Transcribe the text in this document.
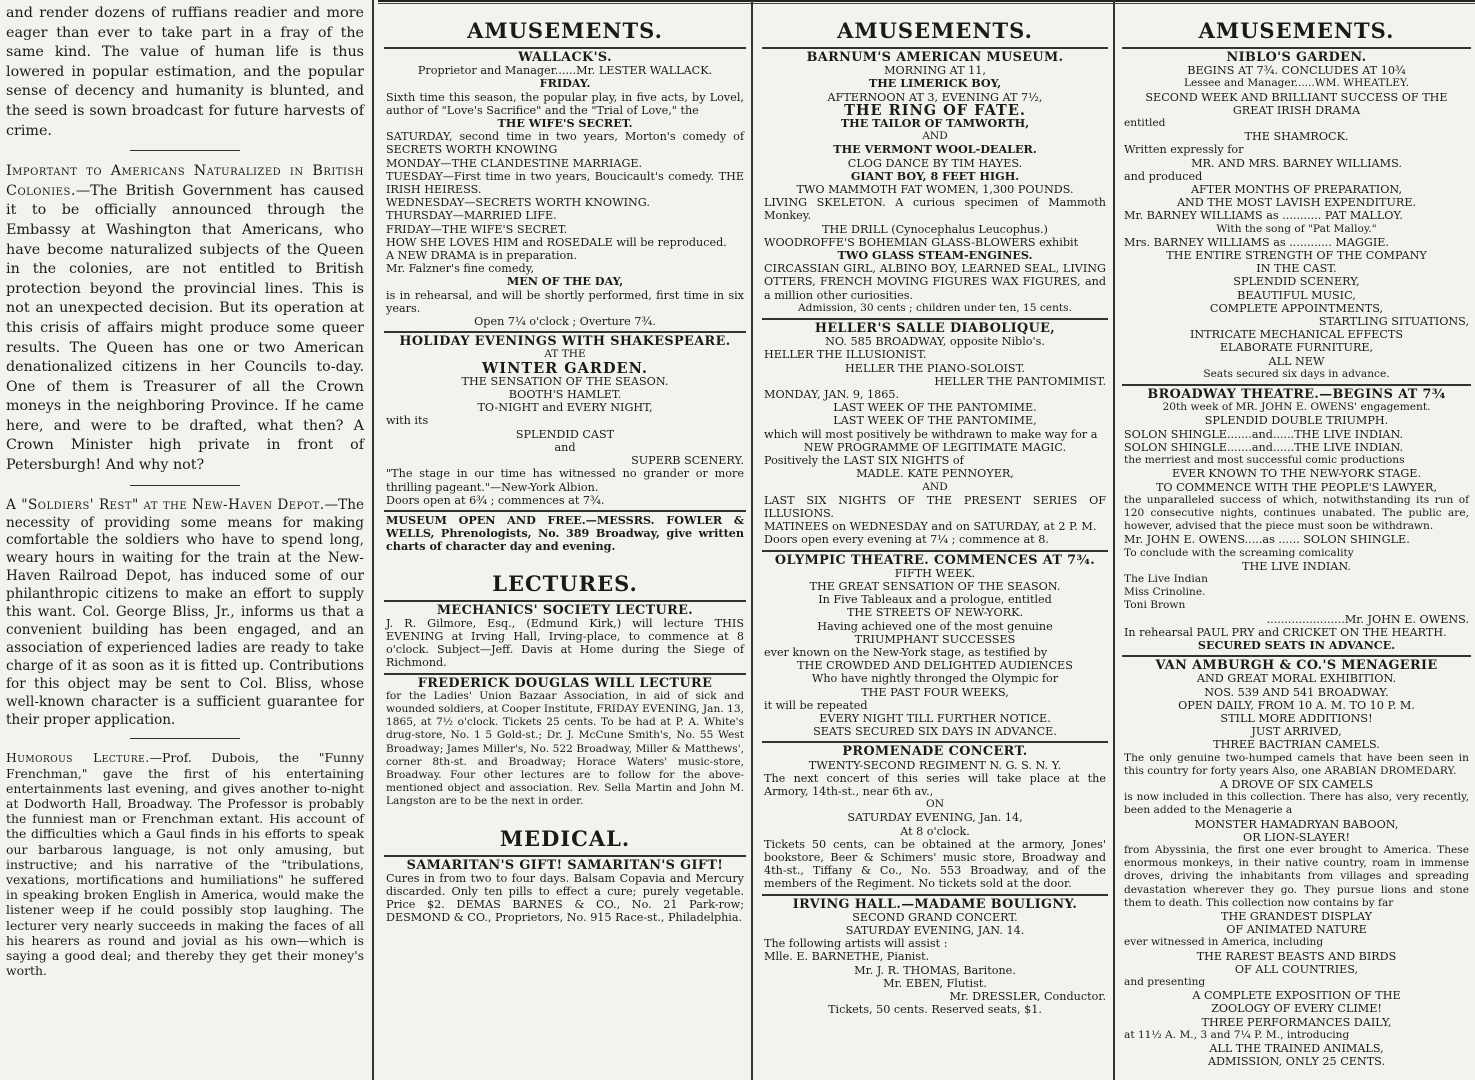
and render dozens of ruffians readier and more eager than ever to take part in a fray of the same kind. The value of human life is thus lowered in popular estimation, and the popular sense of decency and humanity is blunted, and the seed is sown broadcast for future harvests of crime.

Important to Americans Naturalized in British Colonies.—The British Government has caused it to be officially announced through the Embassy at Washington that Americans, who have become naturalized subjects of the Queen in the colonies, are not entitled to British protection beyond the provincial lines. This is not an unexpected decision. But its operation at this crisis of affairs might produce some queer results. The Queen has one or two American denationalized citizens in her Councils to-day. One of them is Treasurer of all the Crown moneys in the neighboring Province. If he came here, and were to be drafted, what then? A Crown Minister high private in front of Petersburgh! And why not?

A "Soldiers' Rest" at the New-Haven Depot.—The necessity of providing some means for making comfortable the soldiers who have to spend long, weary hours in waiting for the train at the New-Haven Railroad Depot, has induced some of our philanthropic citizens to make an effort to supply this want. Col. George Bliss, Jr., informs us that a convenient building has been engaged, and an association of experienced ladies are ready to take charge of it as soon as it is fitted up. Contributions for this object may be sent to Col. Bliss, whose well-known character is a sufficient guarantee for their proper application.

Humorous Lecture.—Prof. Dubois, the "Funny Frenchman," gave the first of his entertaining entertainments last evening, and gives another to-night at Dodworth Hall, Broadway. The Professor is probably the funniest man or Frenchman extant. His account of the difficulties which a Gaul finds in his efforts to speak our barbarous language, is not only amusing, but instructive; and his narrative of the "tribulations, vexations, mortifications and humiliations" he suffered in speaking broken English in America, would make the listener weep if he could possibly stop laughing. The lecturer very nearly succeeds in making the faces of all his hearers as round and jovial as his own—which is saying a good deal; and thereby they get their money's worth.

AMUSEMENTS.
WALLACK'S.
Proprietor and Manager......Mr. LESTER WALLACK.
FRIDAY.
Sixth time this season, the popular play, in five acts, by Lovel, author of "Love's Sacrifice" and the "Trial of Love," the
THE WIFE'S SECRET.
SATURDAY, second time in two years, Morton's comedy of SECRETS WORTH KNOWING
MONDAY—THE CLANDESTINE MARRIAGE.
TUESDAY—First time in two years, Boucicault's comedy. THE IRISH HEIRESS.
WEDNESDAY—SECRETS WORTH KNOWING.
THURSDAY—MARRIED LIFE.
FRIDAY—THE WIFE'S SECRET.
HOW SHE LOVES HIM and ROSEDALE will be reproduced.
A NEW DRAMA is in preparation.
Mr. Falzner's fine comedy,
MEN OF THE DAY,
is in rehearsal, and will be shortly performed, first time in six years.
Open 7¼ o'clock ; Overture 7¾.
HOLIDAY EVENINGS WITH SHAKESPEARE.
AT THE
WINTER GARDEN.
THE SENSATION OF THE SEASON.
BOOTH'S HAMLET.
TO-NIGHT and EVERY NIGHT,
with its
SPLENDID CAST
and
SUPERB SCENERY.
"The stage in our time has witnessed no grander or more thrilling pageant."—New-York Albion.
Doors open at 6¾ ; commences at 7¾.
MUSEUM OPEN AND FREE.—MESSRS. FOWLER & WELLS, Phrenologists, No. 389 Broadway, give written charts of character day and evening.
LECTURES.
MECHANICS' SOCIETY LECTURE.
J. R. Gilmore, Esq., (Edmund Kirk,) will lecture THIS EVENING at Irving Hall, Irving-place, to commence at 8 o'clock. Subject—Jeff. Davis at Home during the Siege of Richmond.
FREDERICK DOUGLAS WILL LECTURE
for the Ladies' Union Bazaar Association, in aid of sick and wounded soldiers, at Cooper Institute, FRIDAY EVENING, Jan. 13, 1865, at 7½ o'clock. Tickets 25 cents. To be had at P. A. White's drug-store, No. 1 5 Gold-st.; Dr. J. McCune Smith's, No. 55 West Broadway; James Miller's, No. 522 Broadway, Miller & Matthews', corner 8th-st. and Broadway; Horace Waters' music-store, Broadway. Four other lectures are to follow for the above-mentioned object and association. Rev. Sella Martin and John M. Langston are to be the next in order.
MEDICAL.
SAMARITAN'S GIFT! SAMARITAN'S GIFT!
Cures in from two to four days. Balsam Copavia and Mercury discarded. Only ten pills to effect a cure; purely vegetable. Price $2. DEMAS BARNES & CO., No. 21 Park-row; DESMOND & CO., Proprietors, No. 915 Race-st., Philadelphia.
AMUSEMENTS.
BARNUM'S AMERICAN MUSEUM.
MORNING AT 11,
THE LIMERICK BOY,
AFTERNOON AT 3, EVENING AT 7½,
THE RING OF FATE.
THE TAILOR OF TAMWORTH,
AND
THE VERMONT WOOL-DEALER.
CLOG DANCE BY TIM HAYES.
GIANT BOY, 8 FEET HIGH.
TWO MAMMOTH FAT WOMEN, 1,300 POUNDS.
LIVING SKELETON. A curious specimen of Mammoth Monkey.
THE DRILL (Cynocephalus Leucophus.)
WOODROFFE'S BOHEMIAN GLASS-BLOWERS exhibit
TWO GLASS STEAM-ENGINES.
CIRCASSIAN GIRL, ALBINO BOY, LEARNED SEAL, LIVING OTTERS, FRENCH MOVING FIGURES WAX FIGURES, and a million other curiosities.
Admission, 30 cents ; children under ten, 15 cents.
HELLER'S SALLE DIABOLIQUE,
NO. 585 BROADWAY, opposite Niblo's.
HELLER THE ILLUSIONIST.
HELLER THE PIANO-SOLOIST.
HELLER THE PANTOMIMIST.
MONDAY, JAN. 9, 1865.
LAST WEEK OF THE PANTOMIME.
LAST WEEK OF THE PANTOMIME,
which will most positively be withdrawn to make way for a
NEW PROGRAMME OF LEGITIMATE MAGIC.
Positively the LAST SIX NIGHTS of
MADLE. KATE PENNOYER,
AND
LAST SIX NIGHTS OF THE PRESENT SERIES OF ILLUSIONS.
MATINEES on WEDNESDAY and on SATURDAY, at 2 P. M.
Doors open every evening at 7¼ ; commence at 8.
OLYMPIC THEATRE. COMMENCES AT 7¾.
FIFTH WEEK.
THE GREAT SENSATION OF THE SEASON.
In Five Tableaux and a prologue, entitled
THE STREETS OF NEW-YORK.
Having achieved one of the most genuine
TRIUMPHANT SUCCESSES
ever known on the New-York stage, as testified by
THE CROWDED AND DELIGHTED AUDIENCES
Who have nightly thronged the Olympic for
THE PAST FOUR WEEKS,
it will be repeated
EVERY NIGHT TILL FURTHER NOTICE.
SEATS SECURED SIX DAYS IN ADVANCE.
PROMENADE CONCERT.
TWENTY-SECOND REGIMENT N. G. S. N. Y.
The next concert of this series will take place at the Armory, 14th-st., near 6th av.,
ON
SATURDAY EVENING, Jan. 14,
At 8 o'clock.
Tickets 50 cents, can be obtained at the armory, Jones' bookstore, Beer & Schimers' music store, Broadway and 4th-st., Tiffany & Co., No. 553 Broadway, and of the members of the Regiment. No tickets sold at the door.
IRVING HALL.—MADAME BOULIGNY.
SECOND GRAND CONCERT.
SATURDAY EVENING, JAN. 14.
The following artists will assist :
Mlle. E. BARNETHE, Pianist.
Mr. J. R. THOMAS, Baritone.
Mr. EBEN, Flutist.
Mr. DRESSLER, Conductor.
Tickets, 50 cents. Reserved seats, $1.
AMUSEMENTS.
NIBLO'S GARDEN.
BEGINS AT 7¾. CONCLUDES AT 10¾
Lessee and Manager......WM. WHEATLEY.
SECOND WEEK AND BRILLIANT SUCCESS OF THE
GREAT IRISH DRAMA
entitled
THE SHAMROCK.
Written expressly for
MR. AND MRS. BARNEY WILLIAMS.
and produced
AFTER MONTHS OF PREPARATION,
AND THE MOST LAVISH EXPENDITURE.
Mr. BARNEY WILLIAMS as ........... PAT MALLOY.
With the song of "Pat Malloy."
Mrs. BARNEY WILLIAMS as ............ MAGGIE.
THE ENTIRE STRENGTH OF THE COMPANY
IN THE CAST.
SPLENDID SCENERY,
BEAUTIFUL MUSIC,
COMPLETE APPOINTMENTS,
STARTLING SITUATIONS,
INTRICATE MECHANICAL EFFECTS
ELABORATE FURNITURE,
ALL NEW
Seats secured six days in advance.
BROADWAY THEATRE.—BEGINS AT 7¾
20th week of MR. JOHN E. OWENS' engagement.
SPLENDID DOUBLE TRIUMPH.
SOLON SHINGLE.......and......THE LIVE INDIAN.
SOLON SHINGLE.......and......THE LIVE INDIAN.
the merriest and most successful comic productions
EVER KNOWN TO THE NEW-YORK STAGE.
TO COMMENCE WITH THE PEOPLE'S LAWYER,
the unparalleled success of which, notwithstanding its run of 120 consecutive nights, continues unabated. The public are, however, advised that the piece must soon be withdrawn.
Mr. JOHN E. OWENS.....as ...... SOLON SHINGLE.
To conclude with the screaming comicality
THE LIVE INDIAN.
The Live Indian
Miss Crinoline.
Toni Brown
......................Mr. JOHN E. OWENS.
In rehearsal PAUL PRY and CRICKET ON THE HEARTH.
SECURED SEATS IN ADVANCE.
VAN AMBURGH & CO.'S MENAGERIE
AND GREAT MORAL EXHIBITION.
NOS. 539 AND 541 BROADWAY.
OPEN DAILY, FROM 10 A. M. TO 10 P. M.
STILL MORE ADDITIONS!
JUST ARRIVED,
THREE BACTRIAN CAMELS.
The only genuine two-humped camels that have been seen in this country for forty years Also, one ARABIAN DROMEDARY.
A DROVE OF SIX CAMELS
is now included in this collection. There has also, very recently, been added to the Menagerie a
MONSTER HAMADRYAN BABOON,
OR LION-SLAYER!
from Abyssinia, the first one ever brought to America. These enormous monkeys, in their native country, roam in immense droves, driving the inhabitants from villages and spreading devastation wherever they go. They pursue lions and stone them to death. This collection now contains by far
THE GRANDEST DISPLAY
OF ANIMATED NATURE
ever witnessed in America, including
THE RAREST BEASTS AND BIRDS
OF ALL COUNTRIES,
and presenting
A COMPLETE EXPOSITION OF THE
ZOOLOGY OF EVERY CLIME!
THREE PERFORMANCES DAILY,
at 11½ A. M., 3 and 7¼ P. M., introducing
ALL THE TRAINED ANIMALS,
ADMISSION, ONLY 25 CENTS.
